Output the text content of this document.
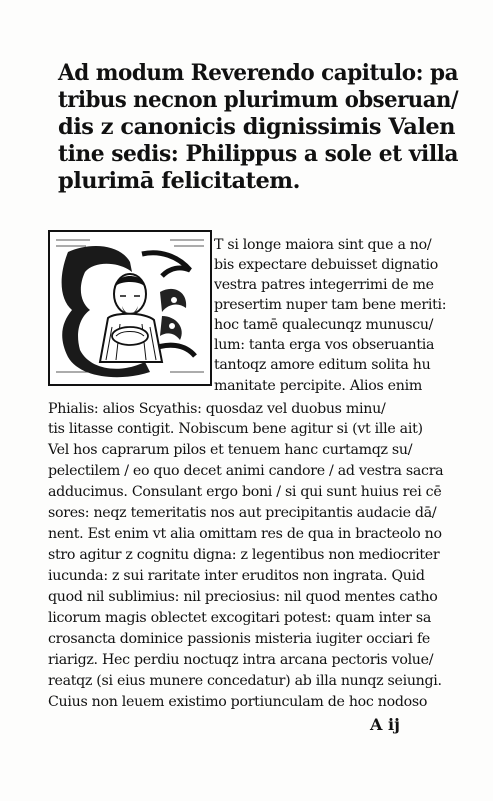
Ad modum Reverendo capitulo: pa
tribus necnon plurimum obseruan/
dis z canonicis dignissimis Valen
tine sedis: Philippus a sole et villa
plurimā felicitatem.
T si longe maiora sint que a no/
bis expectare debuisset dignatio
vestra patres integerrimi de me
presertim nuper tam bene meriti:
hoc tamē qualecunqz munuscu/
lum: tanta erga vos obseruantia
tantoqz amore editum solita hu
manitate percipite. Alios enim
Phialis: alios Scyathis: quosdaz vel duobus minu/
tis litasse contigit. Nobiscum bene agitur si (vt ille ait)
Vel hos caprarum pilos et tenuem hanc curtamqz su/
pelectilem / eo quo decet animi candore / ad vestra sacra
adducimus. Consulant ergo boni / si qui sunt huius rei cē
sores: neqz temeritatis nos aut precipitantis audacie dā/
nent. Est enim vt alia omittam res de qua in bracteolo no
stro agitur z cognitu digna: z legentibus non mediocriter
iucunda: z sui raritate inter eruditos non ingrata. Quid
quod nil sublimius: nil preciosius: nil quod mentes catho
licorum magis oblectet excogitari potest: quam inter sa
crosancta dominice passionis misteria iugiter occiari fe
riarigz. Hec perdiu noctuqz intra arcana pectoris volue/
reatqz (si eius munere concedatur) ab illa nunqz seiungi.
Cuius non leuem existimo portiunculam de hoc nodoso
A ij
